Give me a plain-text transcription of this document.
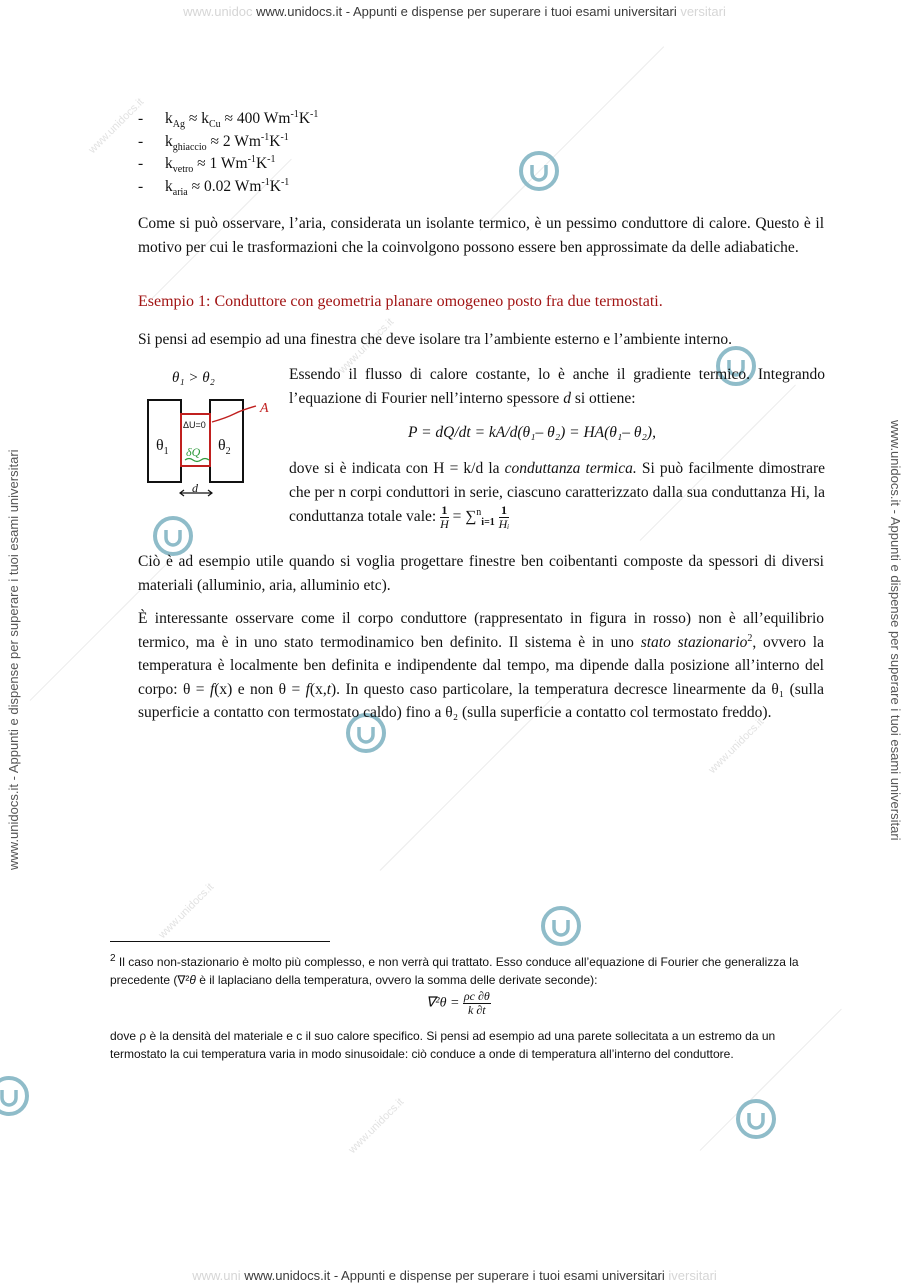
www.unidoc www.unidocs.it - Appunti e dispense per superare i tuoi esami universitari versitari
www.uni www.unidocs.it - Appunti e dispense per superare i tuoi esami universitari iversitari
www.unidocs.it - Appunti e dispense per superare i tuoi esami universitari	www.unidocs.it - Appunti e dispense per superare i tuoi esami universitari
www.unidocs.it
www.unidocs.it
www.unidocs.it
www.unidocs.it
www.unidocs.it
- $k_{Ag} \approx k_{Cu} \approx 400$ $Wm^{-1}K^{-1}$
- $k_{ghiaccio} \approx 2$ $Wm^{-1}K^{-1}$
- $k_{vetro} \approx 1$ $Wm^{-1}K^{-1}$
- $k_{aria} \approx 0.02$ $Wm^{-1}K^{-1}$

Come si può osservare, l’aria, considerata un isolante termico, è un pessimo conduttore di calore. Questo è il motivo per cui le trasformazioni che la coinvolgono possono essere ben approssimate da delle adiabatiche.

Esempio 1: Conduttore con geometria planare omogeneo posto fra due termostati.

Si pensi ad esempio ad una finestra che deve isolare tra l’ambiente esterno e l’ambiente interno.

θ₁ > θ₂
$\theta_1$	$\theta_2$
ΔU=0
δQ
A
d

Essendo il flusso di calore costante, lo è anche il gradiente termico. Integrando l’equazione di Fourier nell’interno spessore d si ottiene:

P = dQ/dt = kA/d(θ₁– θ₂) = HA(θ₁– θ₂),

dove si è indicata con H = k/d la conduttanza termica. Si può facilmente dimostrare che per n corpi conduttori in serie, ciascuno caratterizzato dalla sua conduttanza Hi, la conduttanza totale vale: $\frac{1}{H} = \sum^n_{i=1} \frac{1}{\text{Hᵢ}}$

Ciò è ad esempio utile quando si voglia progettare finestre ben coibentanti composte da spessori di diversi materiali (alluminio, aria, alluminio etc).

È interessante osservare come il corpo conduttore (rappresentato in figura in rosso) non è all’equilibrio termico, ma è in uno stato termodinamico ben definito. Il sistema è in uno stato stazionario$^2$, ovvero la temperatura è localmente ben definita e indipendente dal tempo, ma dipende dalla posizione all’interno del corpo: θ = f(x) e non θ = f(x,t). In questo caso particolare, la temperatura decresce linearmente da θ₁ (sulla superficie a contatto con termostato caldo) fino a θ₂ (sulla superficie a contatto col termostato freddo).

$^2$ Il caso non-stazionario è molto più complesso, e non verrà qui trattato. Esso conduce all’equazione di Fourier che generalizza la precedente (∇²θ è il laplaciano della temperatura, ovvero la somma delle derivate seconde):

$\nabla^2\theta = \frac{\rho c \partial\theta}{k \partial t}$

dove ρ è la densità del materiale e c il suo calore specifico. Si pensi ad esempio ad una parete sollecitata a un estremo da un termostato la cui temperatura varia in modo sinusoidale: ciò conduce a onde di temperatura all’interno del conduttore.
